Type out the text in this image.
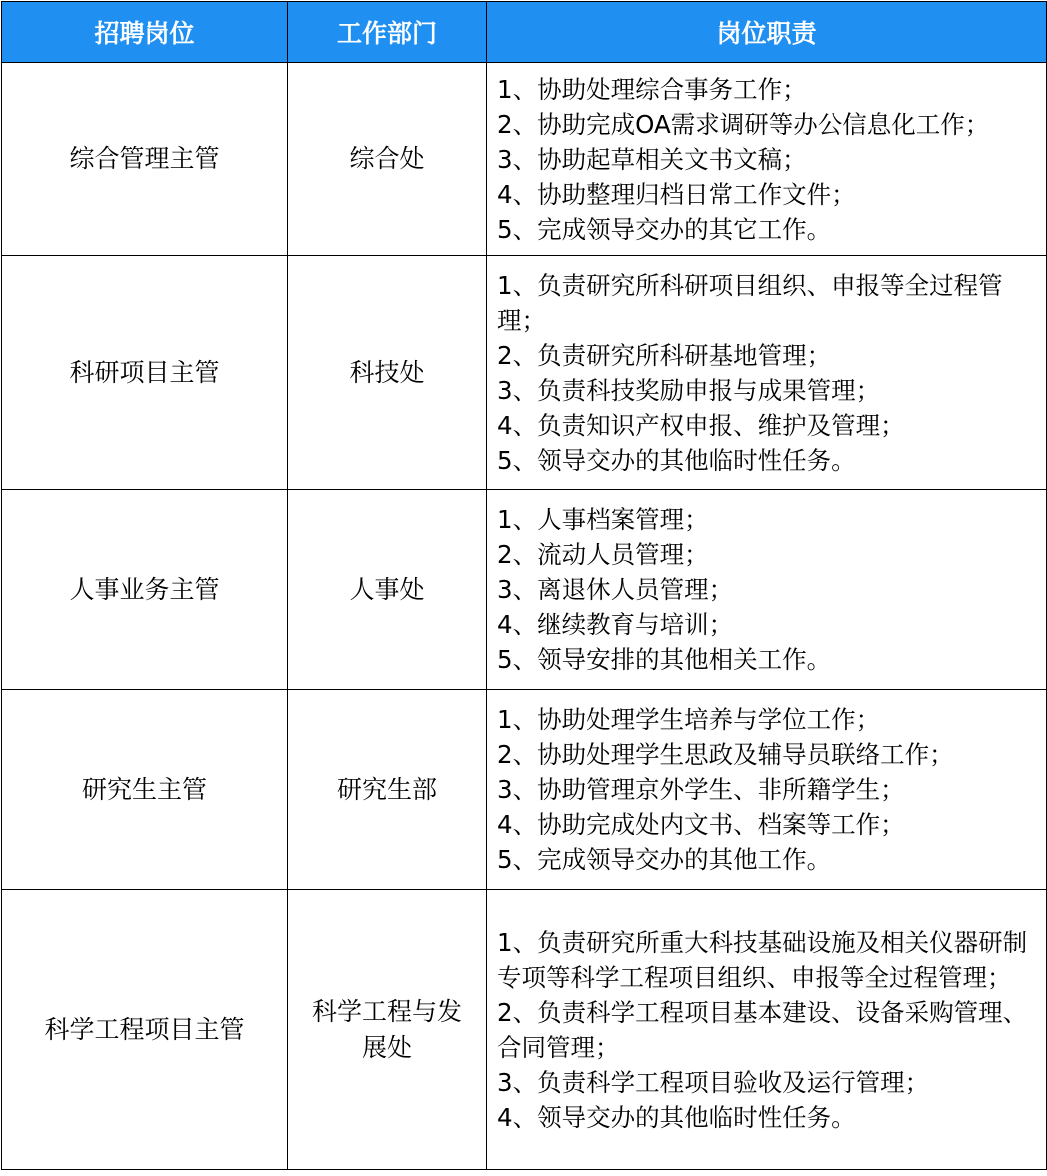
招聘岗位	工作部门	岗位职责
综合管理主管	综合处	1、协助处理综合事务工作；
2、协助完成OA需求调研等办公信息化工作；
3、协助起草相关文书文稿；
4、协助整理归档日常工作文件；
5、完成领导交办的其它工作。

科研项目主管	科技处	1、负责研究所科研项目组织、申报等全过程管理；
2、负责研究所科研基地管理；
3、负责科技奖励申报与成果管理；
4、负责知识产权申报、维护及管理；
5、领导交办的其他临时性任务。

人事业务主管	人事处	1、人事档案管理；
2、流动人员管理；
3、离退休人员管理；
4、继续教育与培训；
5、领导安排的其他相关工作。

研究生主管	研究生部	1、协助处理学生培养与学位工作；
2、协助处理学生思政及辅导员联络工作；
3、协助管理京外学生、非所籍学生；
4、协助完成处内文书、档案等工作；
5、完成领导交办的其他工作。

科学工程项目主管	科学工程与发展处	1、负责研究所重大科技基础设施及相关仪器研制专项等科学工程项目组织、申报等全过程管理；
2、负责科学工程项目基本建设、设备采购管理、合同管理；
3、负责科学工程项目验收及运行管理；
4、领导交办的其他临时性任务。
